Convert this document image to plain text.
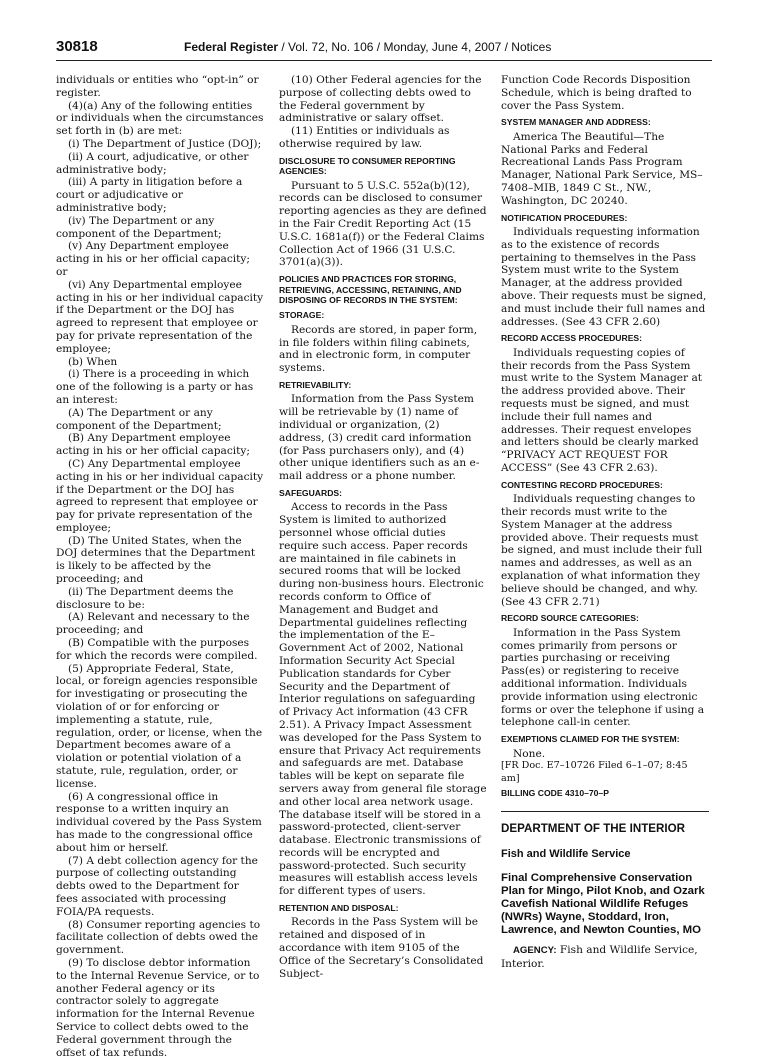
30818	Federal Register / Vol. 72, No. 106 / Monday, June 4, 2007 / Notices

individuals or entities who “opt-in” or register.

(4)(a) Any of the following entities or individuals when the circumstances set forth in (b) are met:

(i) The Department of Justice (DOJ);

(ii) A court, adjudicative, or other administrative body;

(iii) A party in litigation before a court or adjudicative or administrative body;

(iv) The Department or any component of the Department;

(v) Any Department employee acting in his or her official capacity; or

(vi) Any Departmental employee acting in his or her individual capacity if the Department or the DOJ has agreed to represent that employee or pay for private representation of the employee;

(b) When

(i) There is a proceeding in which one of the following is a party or has an interest:

(A) The Department or any component of the Department;

(B) Any Department employee acting in his or her official capacity;

(C) Any Departmental employee acting in his or her individual capacity if the Department or the DOJ has agreed to represent that employee or pay for private representation of the employee;

(D) The United States, when the DOJ determines that the Department is likely to be affected by the proceeding; and

(ii) The Department deems the disclosure to be:

(A) Relevant and necessary to the proceeding; and

(B) Compatible with the purposes for which the records were compiled.

(5) Appropriate Federal, State, local, or foreign agencies responsible for investigating or prosecuting the violation of or for enforcing or implementing a statute, rule, regulation, order, or license, when the Department becomes aware of a violation or potential violation of a statute, rule, regulation, order, or license.

(6) A congressional office in response to a written inquiry an individual covered by the Pass System has made to the congressional office about him or herself.

(7) A debt collection agency for the purpose of collecting outstanding debts owed to the Department for fees associated with processing FOIA/PA requests.

(8) Consumer reporting agencies to facilitate collection of debts owed the government.

(9) To disclose debtor information to the Internal Revenue Service, or to another Federal agency or its contractor solely to aggregate information for the Internal Revenue Service to collect debts owed to the Federal government through the offset of tax refunds.

(10) Other Federal agencies for the purpose of collecting debts owed to the Federal government by administrative or salary offset.

(11) Entities or individuals as otherwise required by law.

DISCLOSURE TO CONSUMER REPORTING AGENCIES:

Pursuant to 5 U.S.C. 552a(b)(12), records can be disclosed to consumer reporting agencies as they are defined in the Fair Credit Reporting Act (15 U.S.C. 1681a(f)) or the Federal Claims Collection Act of 1966 (31 U.S.C. 3701(a)(3)).

POLICIES AND PRACTICES FOR STORING, RETRIEVING, ACCESSING, RETAINING, AND DISPOSING OF RECORDS IN THE SYSTEM:
STORAGE:

Records are stored, in paper form, in file folders within filing cabinets, and in electronic form, in computer systems.

RETRIEVABILITY:

Information from the Pass System will be retrievable by (1) name of individual or organization, (2) address, (3) credit card information (for Pass purchasers only), and (4) other unique identifiers such as an e-mail address or a phone number.

SAFEGUARDS:

Access to records in the Pass System is limited to authorized personnel whose official duties require such access. Paper records are maintained in file cabinets in secured rooms that will be locked during non-business hours. Electronic records conform to Office of Management and Budget and Departmental guidelines reflecting the implementation of the E–Government Act of 2002, National Information Security Act Special Publication standards for Cyber Security and the Department of Interior regulations on safeguarding of Privacy Act information (43 CFR 2.51). A Privacy Impact Assessment was developed for the Pass System to ensure that Privacy Act requirements and safeguards are met. Database tables will be kept on separate file servers away from general file storage and other local area network usage. The database itself will be stored in a password-protected, client-server database. Electronic transmissions of records will be encrypted and password-protected. Such security measures will establish access levels for different types of users.

RETENTION AND DISPOSAL:

Records in the Pass System will be retained and disposed of in accordance with item 9105 of the Office of the Secretary’s Consolidated Subject-

Function Code Records Disposition Schedule, which is being drafted to cover the Pass System.

SYSTEM MANAGER AND ADDRESS:

America The Beautiful—The National Parks and Federal Recreational Lands Pass Program Manager, National Park Service, MS–7408–MIB, 1849 C St., NW., Washington, DC 20240.

NOTIFICATION PROCEDURES:

Individuals requesting information as to the existence of records pertaining to themselves in the Pass System must write to the System Manager, at the address provided above. Their requests must be signed, and must include their full names and addresses. (See 43 CFR 2.60)

RECORD ACCESS PROCEDURES:

Individuals requesting copies of their records from the Pass System must write to the System Manager at the address provided above. Their requests must be signed, and must include their full names and addresses. Their request envelopes and letters should be clearly marked “PRIVACY ACT REQUEST FOR ACCESS” (See 43 CFR 2.63).

CONTESTING RECORD PROCEDURES:

Individuals requesting changes to their records must write to the System Manager at the address provided above. Their requests must be signed, and must include their full names and addresses, as well as an explanation of what information they believe should be changed, and why. (See 43 CFR 2.71)

RECORD SOURCE CATEGORIES:

Information in the Pass System comes primarily from persons or parties purchasing or receiving Pass(es) or registering to receive additional information. Individuals provide information using electronic forms or over the telephone if using a telephone call-in center.

EXEMPTIONS CLAIMED FOR THE SYSTEM:

None.

[FR Doc. E7–10726 Filed 6–1–07; 8:45 am]

BILLING CODE 4310–70–P
DEPARTMENT OF THE INTERIOR
Fish and Wildlife Service
Final Comprehensive Conservation Plan for Mingo, Pilot Knob, and Ozark Cavefish National Wildlife Refuges (NWRs) Wayne, Stoddard, Iron, Lawrence, and Newton Counties, MO

AGENCY: Fish and Wildlife Service, Interior.
